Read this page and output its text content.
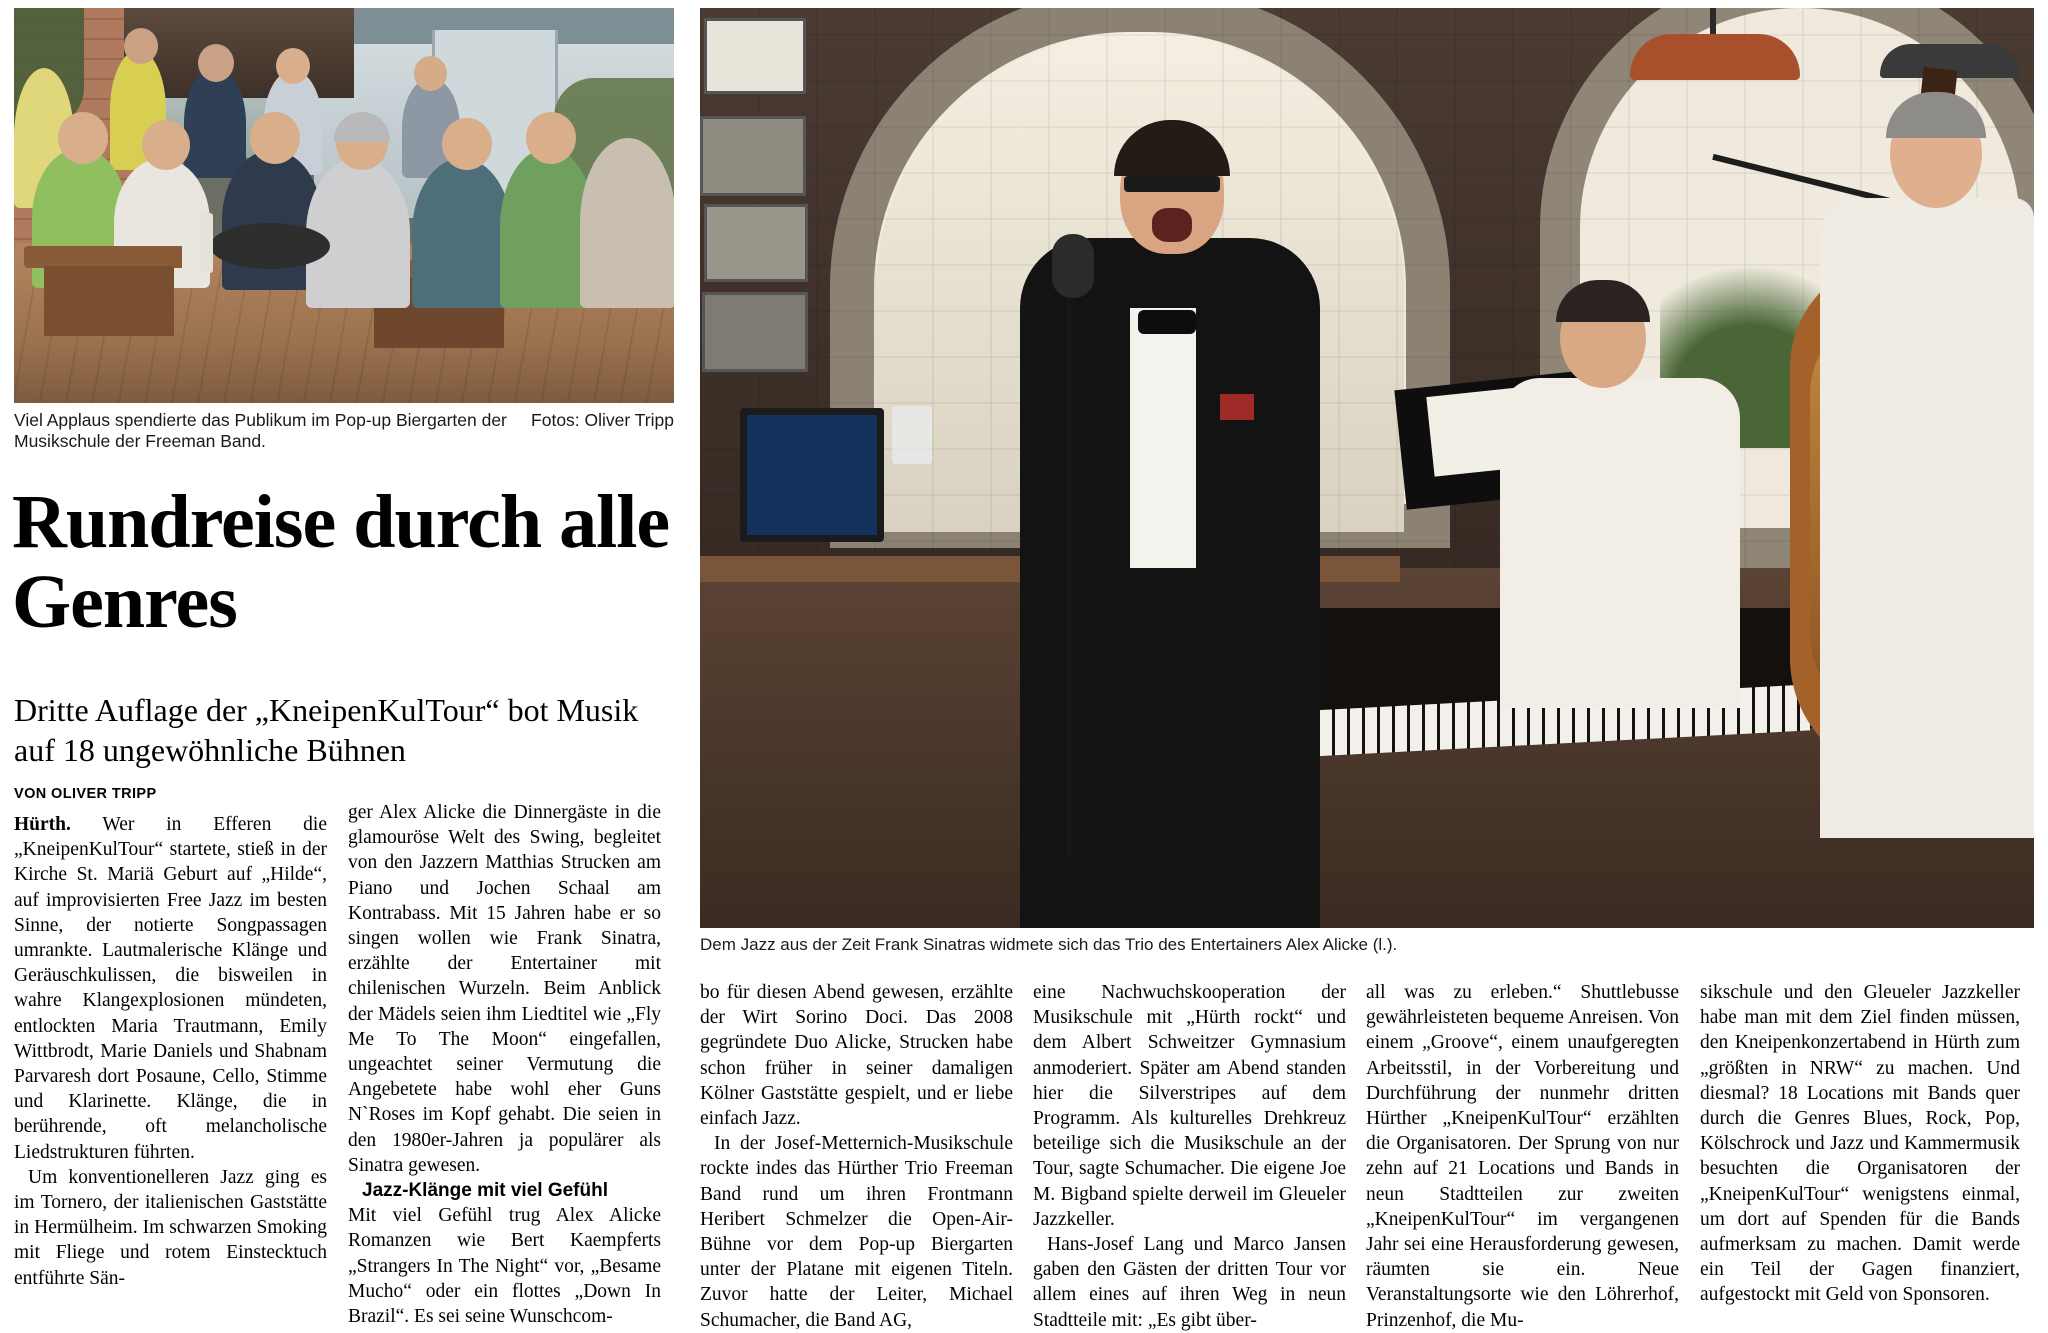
Fotos: Oliver Tripp
Viel Applaus spendierte das Publikum im Pop-up Biergarten der Musikschule der Freeman Band.
Dem Jazz aus der Zeit Frank Sinatras widmete sich das Trio des Entertainers Alex Alicke (l.).
Rundreise durch alle Genres
Dritte Auflage der „KneipenKulTour“ bot Musik auf 18 ungewöhnliche Bühnen
VON OLIVER TRIPP

Hürth. Wer in Efferen die „KneipenKulTour“ startete, stieß in der Kirche St. Mariä Geburt auf „Hilde“, auf improvisierten Free Jazz im besten Sinne, der notierte Songpassagen umrankte. Lautmalerische Klänge und Geräuschkulissen, die bisweilen in wahre Klangexplosionen mündeten, entlockten Maria Trautmann, Emily Wittbrodt, Marie Daniels und Shabnam Parvaresh dort Posaune, Cello, Stimme und Klarinette. Klänge, die in berührende, oft melancholische Liedstrukturen führten.

Um konventionelleren Jazz ging es im Tornero, der italienischen Gaststätte in Hermülheim. Im schwarzen Smoking mit Fliege und rotem Einstecktuch entführte Sän-

ger Alex Alicke die Dinnergäste in die glamouröse Welt des Swing, begleitet von den Jazzern Matthias Strucken am Piano und Jochen Schaal am Kontrabass. Mit 15 Jahren habe er so singen wollen wie Frank Sinatra, erzählte der Entertainer mit chilenischen Wurzeln. Beim Anblick der Mädels seien ihm Liedtitel wie „Fly Me To The Moon“ eingefallen, ungeachtet seiner Vermutung die Angebetete habe wohl eher Guns N`Roses im Kopf gehabt. Die seien in den 1980er-Jahren ja populärer als Sinatra gewesen.

Jazz-Klänge mit viel Gefühl

Mit viel Gefühl trug Alex Alicke Romanzen wie Bert Kaempferts „Strangers In The Night“ vor, „Besame Mucho“ oder ein flottes „Down In Brazil“. Es sei seine Wunschcom-

bo für diesen Abend gewesen, erzählte der Wirt Sorino Doci. Das 2008 gegründete Duo Alicke, Strucken habe schon früher in seiner damaligen Kölner Gaststätte gespielt, und er liebe einfach Jazz.

In der Josef-Metternich-Musikschule rockte indes das Hürther Trio Freeman Band rund um ihren Frontmann Heribert Schmelzer die Open-Air-Bühne vor dem Pop-up Biergarten unter der Platane mit eigenen Titeln. Zuvor hatte der Leiter, Michael Schumacher, die Band AG,

eine Nachwuchskooperation der Musikschule mit „Hürth rockt“ und dem Albert Schweitzer Gymnasium anmoderiert. Später am Abend standen hier die Silverstripes auf dem Programm. Als kulturelles Drehkreuz beteilige sich die Musikschule an der Tour, sagte Schumacher. Die eigene Joe M. Bigband spielte derweil im Gleueler Jazzkeller.

Hans-Josef Lang und Marco Jansen gaben den Gästen der dritten Tour vor allem eines auf ihren Weg in neun Stadtteile mit: „Es gibt über-

all was zu erleben.“ Shuttlebusse gewährleisteten bequeme Anreisen. Von einem „Groove“, einem unaufgeregten Arbeitsstil, in der Vorbereitung und Durchführung der nunmehr dritten Hürther „KneipenKulTour“ erzählten die Organisatoren. Der Sprung von nur zehn auf 21 Locations und Bands in neun Stadtteilen zur zweiten „KneipenKulTour“ im vergangenen Jahr sei eine Herausforderung gewesen, räumten sie ein. Neue Veranstaltungsorte wie den Löhrerhof, Prinzenhof, die Mu-

sikschule und den Gleueler Jazzkeller habe man mit dem Ziel finden müssen, den Kneipenkonzertabend in Hürth zum „größten in NRW“ zu machen. Und diesmal? 18 Locations mit Bands quer durch die Genres Blues, Rock, Pop, Kölschrock und Jazz und Kammermusik besuchten die Organisatoren der „KneipenKulTour“ wenigstens einmal, um dort auf Spenden für die Bands aufmerksam zu machen. Damit werde ein Teil der Gagen finanziert, aufgestockt mit Geld von Sponsoren.
